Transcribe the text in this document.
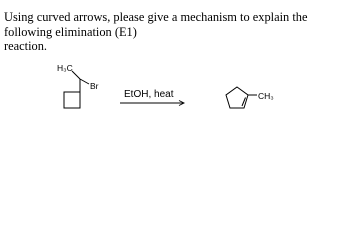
Using curved arrows, please give a mechanism to explain the following elimination (E1)
reaction.
H₃C
Br
EtOH, heat	CH₃
